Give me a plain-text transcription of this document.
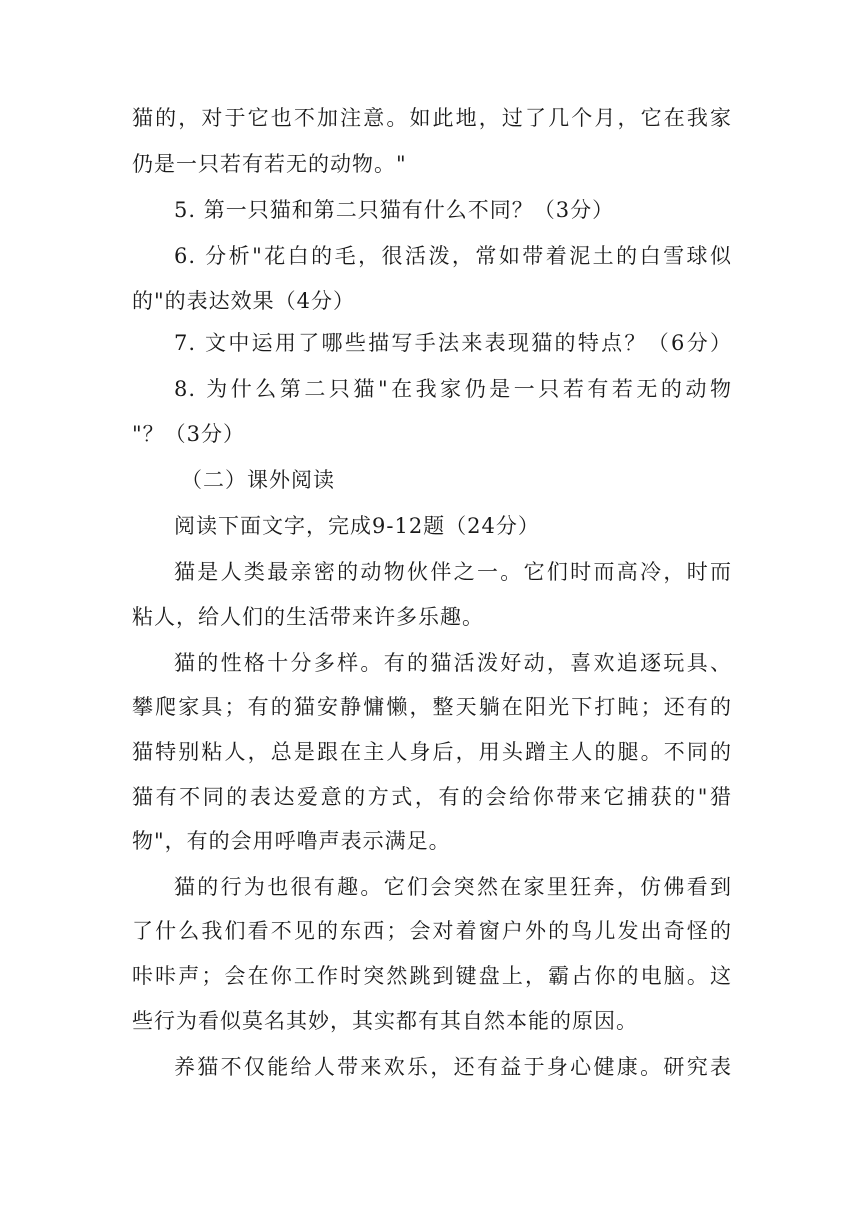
猫的，对于它也不加注意。如此地，过了几个月，它在我家
仍是一只若有若无的动物。"
5. 第一只猫和第二只猫有什么不同？（3分）
6. 分析"花白的毛，很活泼，常如带着泥土的白雪球似
的"的表达效果（4分）
7. 文中运用了哪些描写手法来表现猫的特点？（6分）
8. 为什么第二只猫"在我家仍是一只若有若无的动物
"？（3分）
（二）课外阅读
阅读下面文字，完成9-12题（24分）
猫是人类最亲密的动物伙伴之一。它们时而高冷，时而
粘人，给人们的生活带来许多乐趣。
猫的性格十分多样。有的猫活泼好动，喜欢追逐玩具、
攀爬家具；有的猫安静慵懒，整天躺在阳光下打盹；还有的
猫特别粘人，总是跟在主人身后，用头蹭主人的腿。不同的
猫有不同的表达爱意的方式，有的会给你带来它捕获的"猎
物"，有的会用呼噜声表示满足。
猫的行为也很有趣。它们会突然在家里狂奔，仿佛看到
了什么我们看不见的东西；会对着窗户外的鸟儿发出奇怪的
咔咔声；会在你工作时突然跳到键盘上，霸占你的电脑。这
些行为看似莫名其妙，其实都有其自然本能的原因。
养猫不仅能给人带来欢乐，还有益于身心健康。研究表
